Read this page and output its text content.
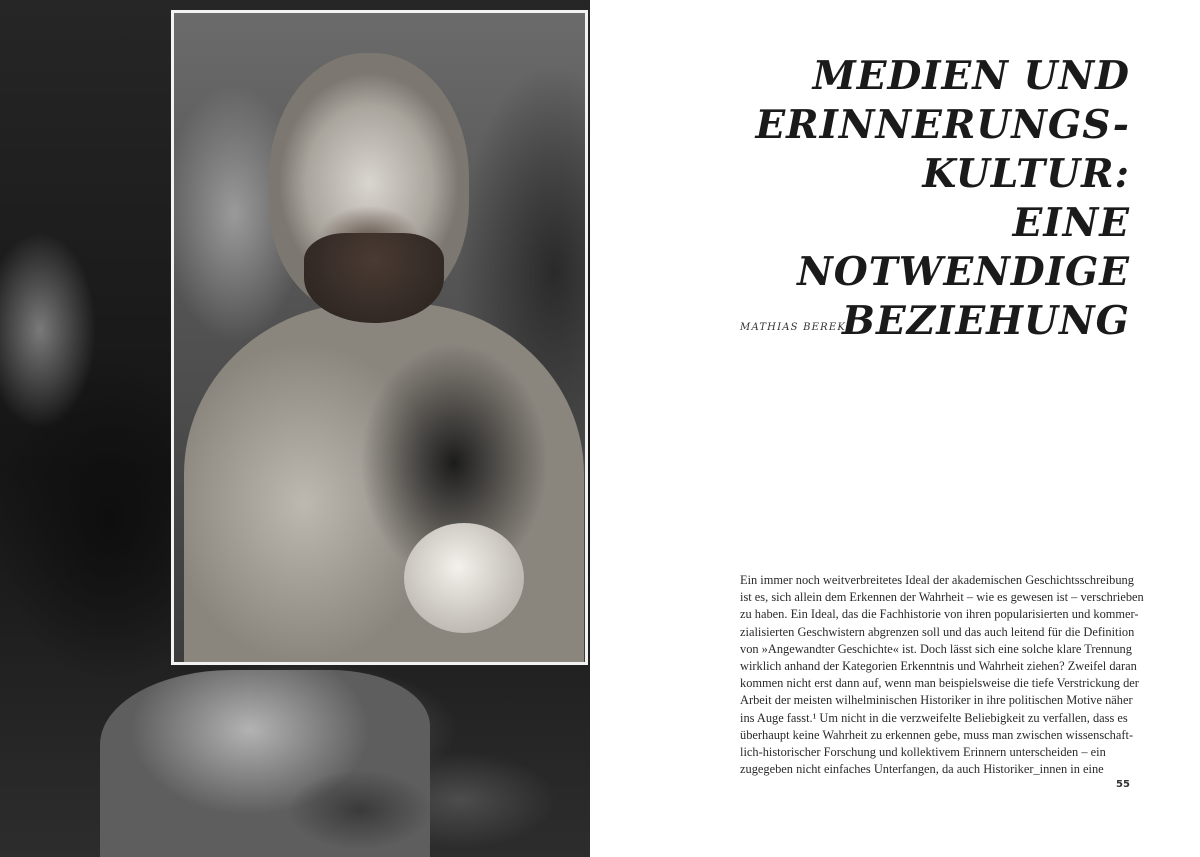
MEDIEN UND
ERINNERUNGS-
KULTUR:
EINE NOTWENDIGE
BEZIEHUNG
MATHIAS BEREK

Ein immer noch weitverbreitetes Ideal der akademischen Geschichtsschreibung
ist es, sich allein dem Erkennen der Wahrheit – wie es gewesen ist – verschrieben
zu haben. Ein Ideal, das die Fachhistorie von ihren popularisierten und kommer-
zialisierten Geschwistern abgrenzen soll und das auch leitend für die Definition
von »Angewandter Geschichte« ist. Doch lässt sich eine solche klare Trennung
wirklich anhand der Kategorien Erkenntnis und Wahrheit ziehen? Zweifel daran
kommen nicht erst dann auf, wenn man beispielsweise die tiefe Verstrickung der
Arbeit der meisten wilhelminischen Historiker in ihre politischen Motive näher
ins Auge fasst.¹ Um nicht in die verzweifelte Beliebigkeit zu verfallen, dass es
überhaupt keine Wahrheit zu erkennen gebe, muss man zwischen wissenschaft-
lich-historischer Forschung und kollektivem Erinnern unterscheiden – ein
zugegeben nicht einfaches Unterfangen, da auch Historiker_innen in eine

55
